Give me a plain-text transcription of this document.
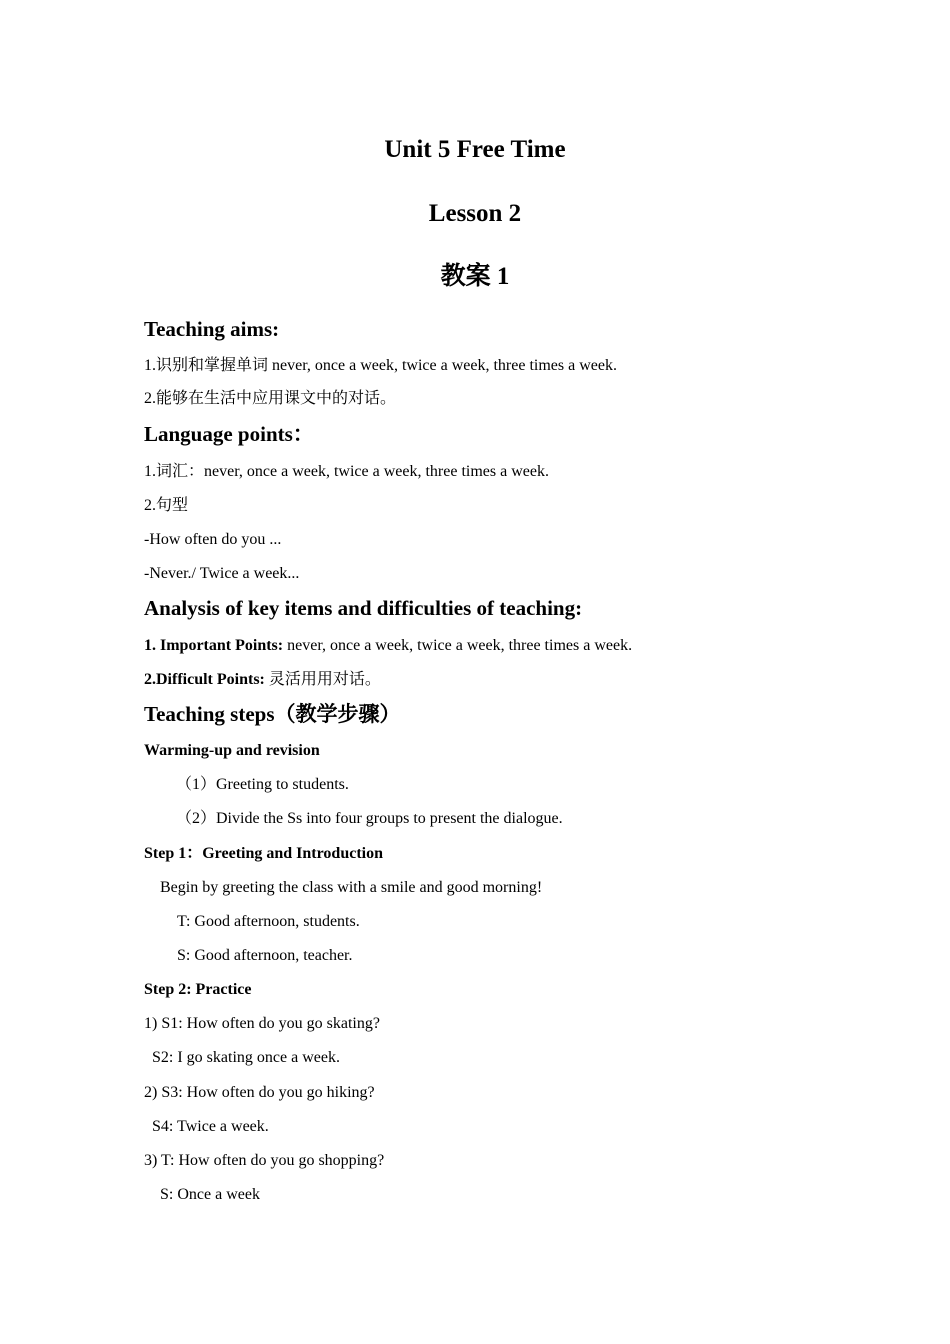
Unit 5 Free Time
Lesson 2
教案 1
Teaching aims:
1.识别和掌握单词 never, once a week, twice a week, three times a week.
2.能够在生活中应用课文中的对话。
Language points：
1.词汇：never, once a week, twice a week, three times a week.
2.句型
-How often do you ...
-Never./ Twice a week...
Analysis of key items and difficulties of teaching:
1. Important Points: never, once a week, twice a week, three times a week.
2.Difficult Points: 灵活用用对话。
Teaching steps（教学步骤）
Warming-up and revision
（1）Greeting to students.
（2）Divide the Ss into four groups to present the dialogue.
Step 1：Greeting and Introduction
Begin by greeting the class with a smile and good morning!
T: Good afternoon, students.
S: Good afternoon, teacher.
Step 2: Practice
1) S1: How often do you go skating?
S2: I go skating once a week.
2) S3: How often do you go hiking?
S4: Twice a week.
3) T: How often do you go shopping?
S: Once a week
